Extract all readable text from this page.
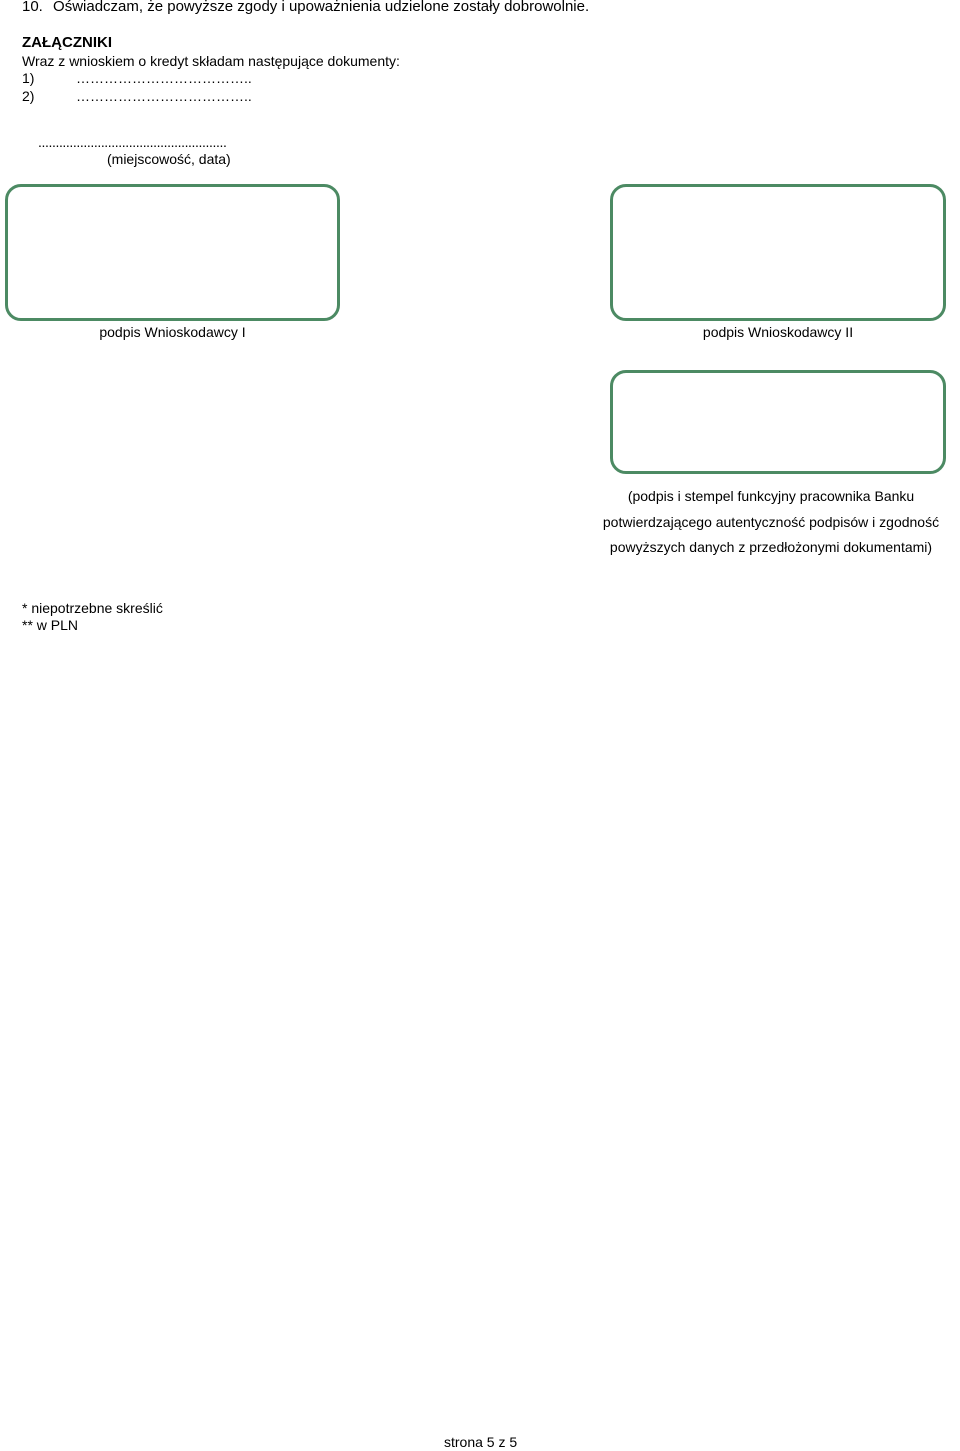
10. Oświadczam, że powyższe zgody i upoważnienia udzielone zostały dobrowolnie.
ZAŁĄCZNIKI
Wraz z wnioskiem o kredyt składam następujące dokumenty:
1)	………………………………..
2)	………………………………..
......................................................
(miejscowość, data)
podpis Wnioskodawcy I	podpis Wnioskodawcy II
(podpis i stempel funkcyjny pracownika Banku
potwierdzającego autentyczność podpisów i zgodność
powyższych danych z przedłożonymi dokumentami)
* niepotrzebne skreślić
** w PLN
strona 5 z 5
